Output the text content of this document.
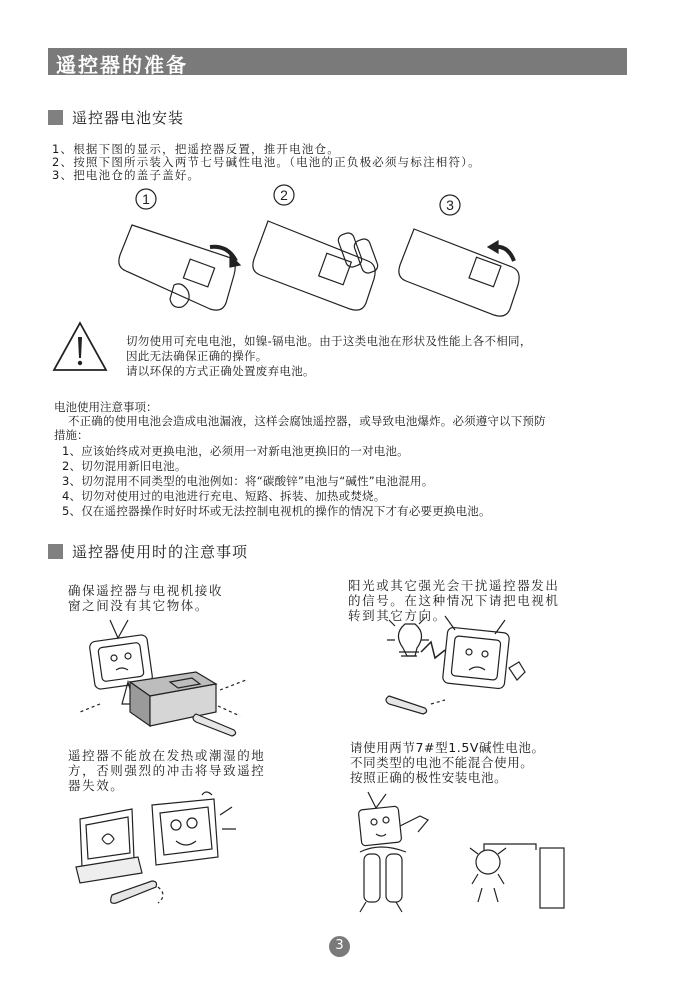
遥控器的准备
遥控器电池安装
1、根据下图的显示，把遥控器反置，推开电池仓。
2、按照下图所示装入两节七号碱性电池。（电池的正负极必须与标注相符）。
3、把电池仓的盖子盖好。
1	2
3
切勿使用可充电电池，如镍-镉电池。由于这类电池在形状及性能上各不相同，
因此无法确保正确的操作。
请以环保的方式正确处置废弃电池。
电池使用注意事项：
不正确的使用电池会造成电池漏液，这样会腐蚀遥控器，或导致电池爆炸。必须遵守以下预防
措施：
1、应该始终成对更换电池，必须用一对新电池更换旧的一对电池。
2、切勿混用新旧电池。
3、切勿混用不同类型的电池例如：将“碳酸锌”电池与“碱性”电池混用。
4、切勿对使用过的电池进行充电、短路、拆装、加热或焚烧。
5、仅在遥控器操作时好时坏或无法控制电视机的操作的情况下才有必要更换电池。
遥控器使用时的注意事项
确保遥控器与电视机接收
窗之间没有其它物体。
阳光或其它强光会干扰遥控器发出
的信号。在这种情况下请把电视机
转到其它方向。
遥控器不能放在发热或潮湿的地
方，否则强烈的冲击将导致遥控
器失效。
请使用两节7#型1.5V碱性电池。
不同类型的电池不能混合使用。
按照正确的极性安装电池。
3
